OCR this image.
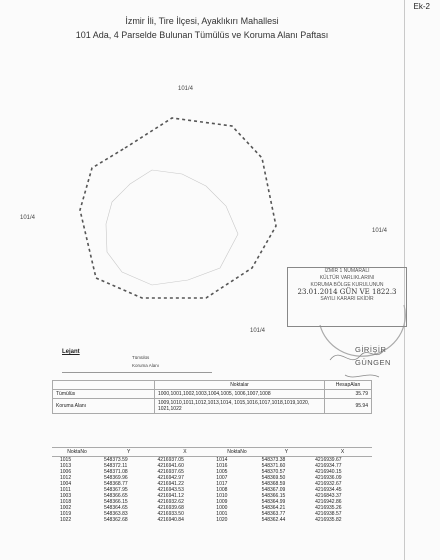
Ek-2
İzmir İli, Tire İlçesi, Ayaklıkırı Mahallesi
101 Ada, 4 Parselde Bulunan Tümülüs ve Koruma Alanı Paftası
101/4
101/4
101/4
101/4
İZMİR 1 NUMARALI
KÜLTÜR VARLIKLARINI
KORUMA BÖLGE KURULUNUN
23.01.2014 GÜN VE 1822.3
SAYILI KARARI EKİDİR
GİRİŞİR
GÜNGEN
Lejant
Tümülüs
Koruma Alanı
	Noktalar	HesapAlan
Tümülüs	1000,1001,1002,1003,1004,1005, 1006,1007,1008	35.79
Koruma Alanı	1009,1010,1011,1012,1013,1014, 1015,1016,1017,1018,1019,1020, 1021,1022	95.94
NoktaNo	Y	X	NoktaNo	Y	X
1015	548373.59	4216937.05	1014	548373.38	4216939.67
1013	548372.11	4216941.60	1016	548371.60	4216934.77
1006	548371.08	4216937.65	1005	548370.57	4216940.15
1012	548369.96	4216942.97	1007	548369.50	4216936.09
1004	548368.77	4216941.22	1017	548368.59	4216932.67
1011	548367.95	4216943.53	1008	548367.09	4216934.45
1003	548366.65	4216941.12	1010	548366.15	4216843.37
1018	548366.15	4216932.62	1009	548364.99	4216942.86
1002	548364.65	4216939.68	1000	548364.21	4216935.26
1019	548363.83	4216933.50	1001	548363.77	4216938.57
1022	548362.68	4216940.84	1020	548362.44	4216935.82
